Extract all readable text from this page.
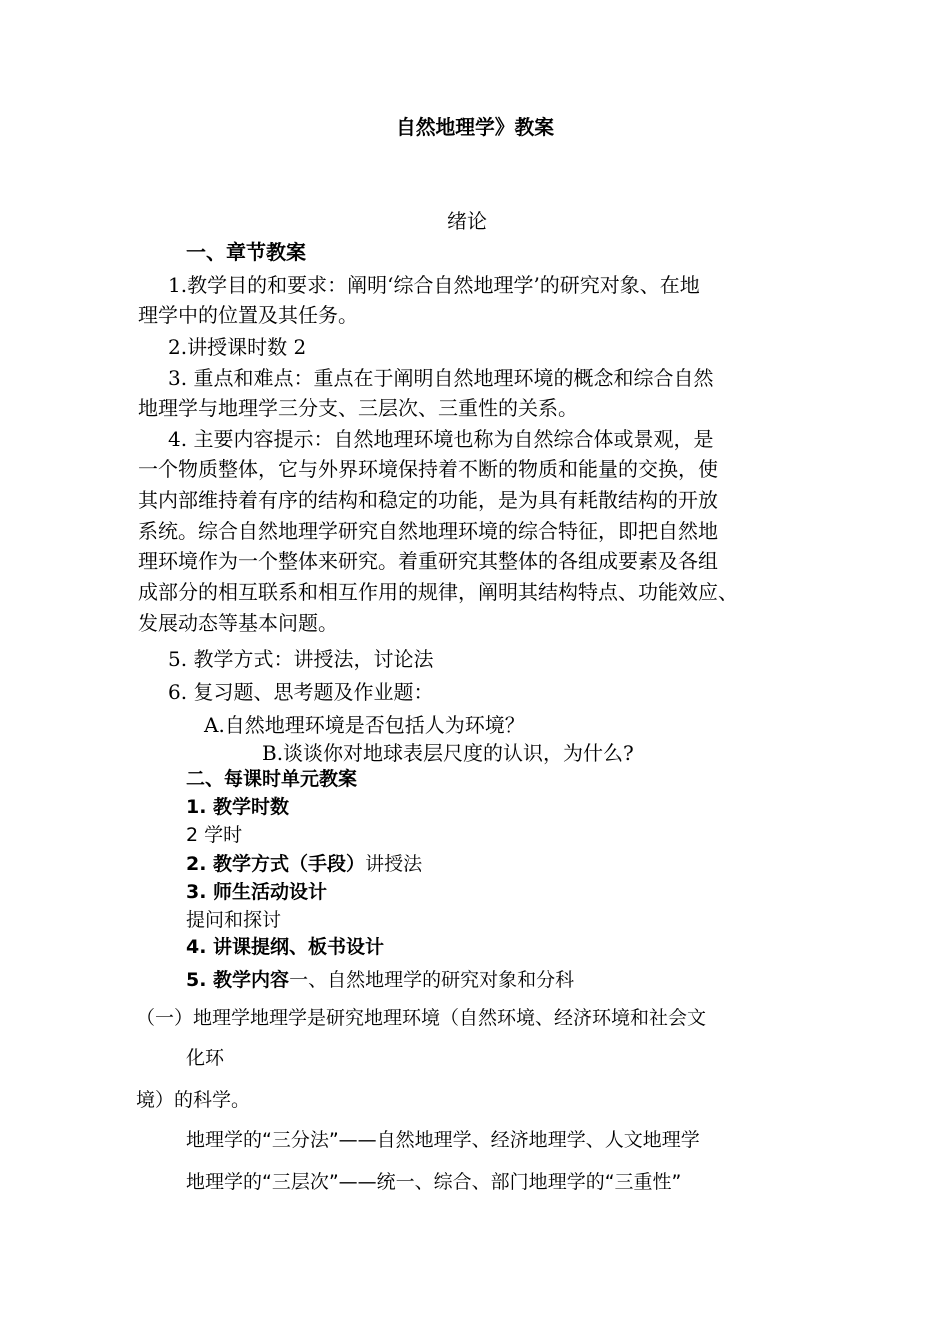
自然地理学》教案
绪论
一、章节教案
1.教学目的和要求：阐明‘综合自然地理学’的研究对象、在地
理学中的位置及其任务。
2.讲授课时数 2
3. 重点和难点：重点在于阐明自然地理环境的概念和综合自然
地理学与地理学三分支、三层次、三重性的关系。
4. 主要内容提示：自然地理环境也称为自然综合体或景观，是
一个物质整体，它与外界环境保持着不断的物质和能量的交换，使
其内部维持着有序的结构和稳定的功能，是为具有耗散结构的开放
系统。综合自然地理学研究自然地理环境的综合特征，即把自然地
理环境作为一个整体来研究。着重研究其整体的各组成要素及各组
成部分的相互联系和相互作用的规律，阐明其结构特点、功能效应、
发展动态等基本问题。
5. 教学方式：讲授法，讨论法
6. 复习题、思考题及作业题：
A.自然地理环境是否包括人为环境？
B.谈谈你对地球表层尺度的认识，为什么?
二、每课时单元教案
1. 教学时数
2 学时
2. 教学方式（手段）讲授法
3. 师生活动设计
提问和探讨
4. 讲课提纲、板书设计
5. 教学内容一、自然地理学的研究对象和分科
（一）地理学地理学是研究地理环境（自然环境、经济环境和社会文
化环
境）的科学。
地理学的“三分法”——自然地理学、经济地理学、人文地理学
地理学的“三层次”——统一、综合、部门地理学的“三重性”
